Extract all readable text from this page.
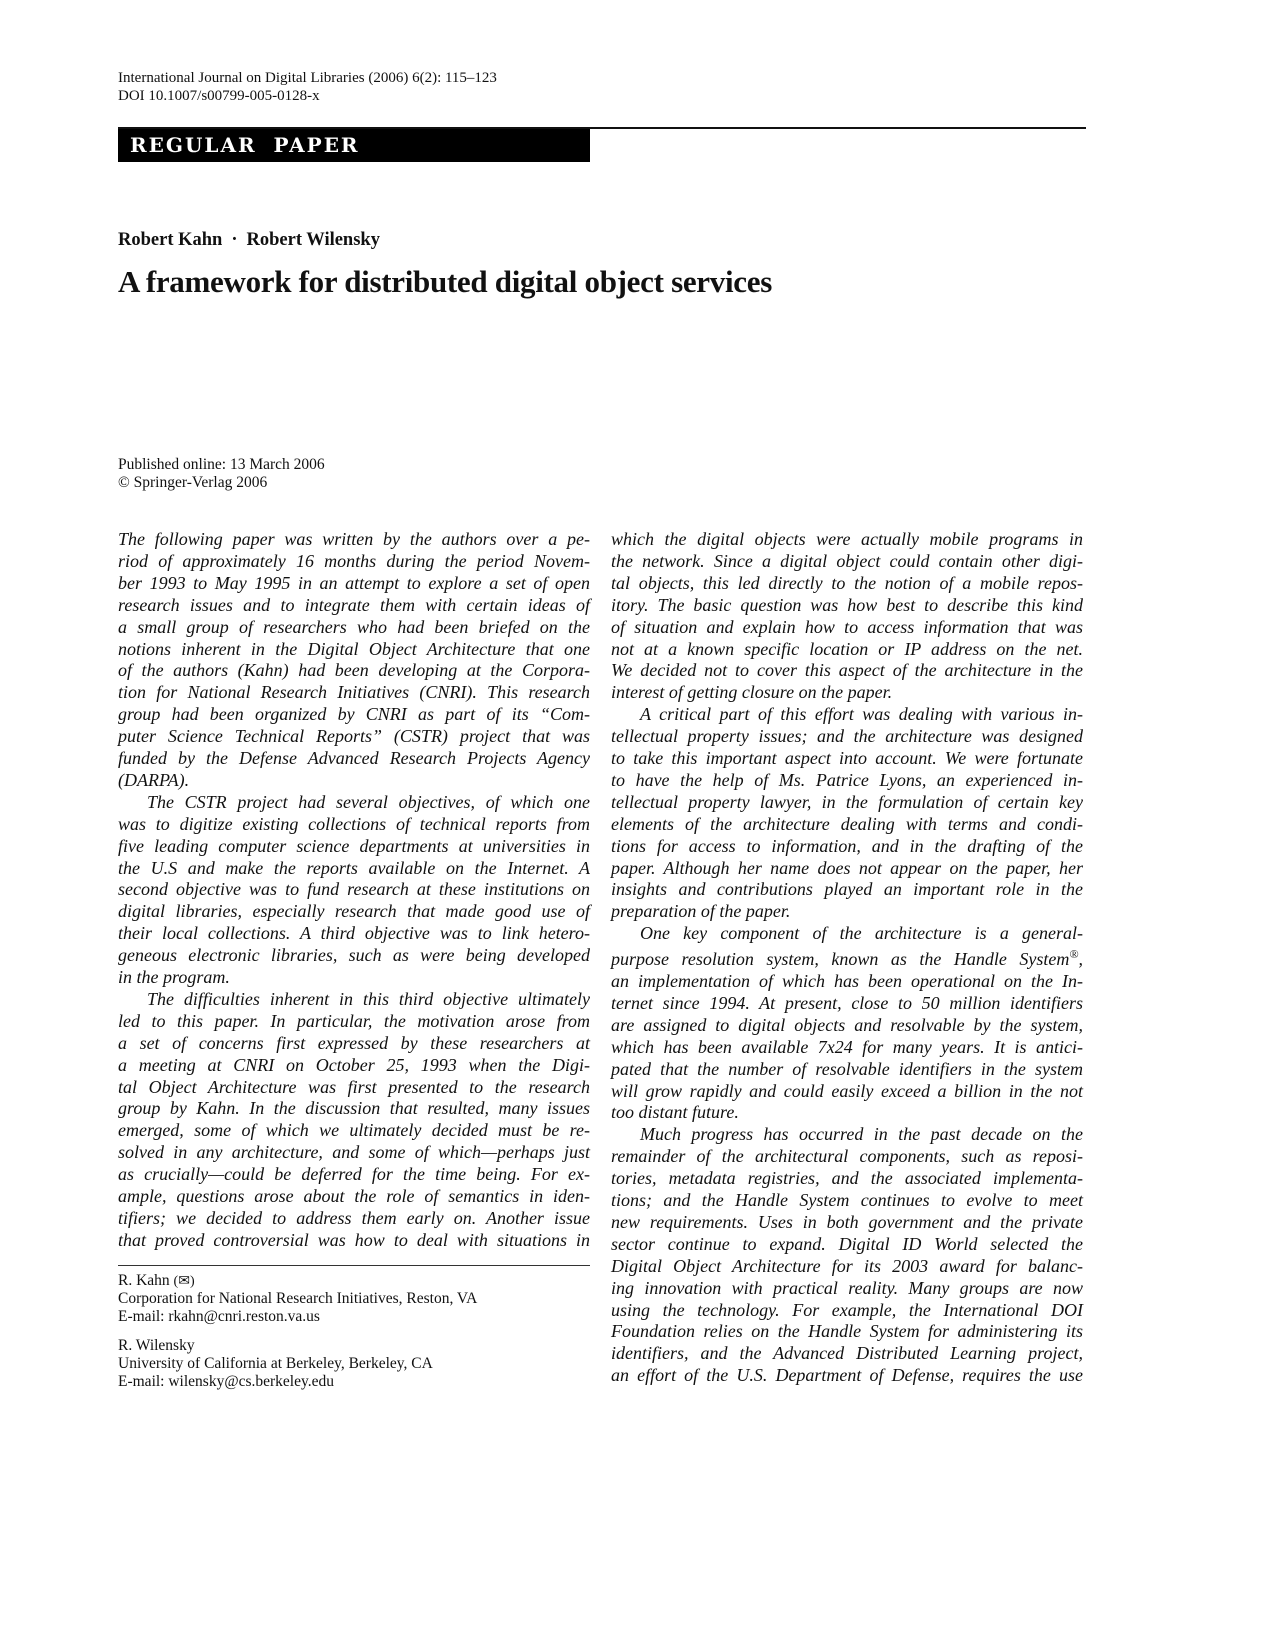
International Journal on Digital Libraries (2006) 6(2): 115–123
DOI 10.1007/s00799-005-0128-x
REGULAR PAPER
Robert Kahn · Robert Wilensky
A framework for distributed digital object services
Published online: 13 March 2006
© Springer-Verlag 2006
The following paper was written by the authors over a pe-
riod of approximately 16 months during the period Novem-
ber 1993 to May 1995 in an attempt to explore a set of open
research issues and to integrate them with certain ideas of
a small group of researchers who had been briefed on the
notions inherent in the Digital Object Architecture that one
of the authors (Kahn) had been developing at the Corpora-
tion for National Research Initiatives (CNRI). This research
group had been organized by CNRI as part of its “Com-
puter Science Technical Reports” (CSTR) project that was
funded by the Defense Advanced Research Projects Agency
(DARPA).
The CSTR project had several objectives, of which one
was to digitize existing collections of technical reports from
five leading computer science departments at universities in
the U.S and make the reports available on the Internet. A
second objective was to fund research at these institutions on
digital libraries, especially research that made good use of
their local collections. A third objective was to link hetero-
geneous electronic libraries, such as were being developed
in the program.
The difficulties inherent in this third objective ultimately
led to this paper. In particular, the motivation arose from
a set of concerns first expressed by these researchers at
a meeting at CNRI on October 25, 1993 when the Digi-
tal Object Architecture was first presented to the research
group by Kahn. In the discussion that resulted, many issues
emerged, some of which we ultimately decided must be re-
solved in any architecture, and some of which—perhaps just
as crucially—could be deferred for the time being. For ex-
ample, questions arose about the role of semantics in iden-
tifiers; we decided to address them early on. Another issue
that proved controversial was how to deal with situations in
which the digital objects were actually mobile programs in
the network. Since a digital object could contain other digi-
tal objects, this led directly to the notion of a mobile repos-
itory. The basic question was how best to describe this kind
of situation and explain how to access information that was
not at a known specific location or IP address on the net.
We decided not to cover this aspect of the architecture in the
interest of getting closure on the paper.
A critical part of this effort was dealing with various in-
tellectual property issues; and the architecture was designed
to take this important aspect into account. We were fortunate
to have the help of Ms. Patrice Lyons, an experienced in-
tellectual property lawyer, in the formulation of certain key
elements of the architecture dealing with terms and condi-
tions for access to information, and in the drafting of the
paper. Although her name does not appear on the paper, her
insights and contributions played an important role in the
preparation of the paper.
One key component of the architecture is a general-
purpose resolution system, known as the Handle System®,
an implementation of which has been operational on the In-
ternet since 1994. At present, close to 50 million identifiers
are assigned to digital objects and resolvable by the system,
which has been available 7x24 for many years. It is antici-
pated that the number of resolvable identifiers in the system
will grow rapidly and could easily exceed a billion in the not
too distant future.
Much progress has occurred in the past decade on the
remainder of the architectural components, such as reposi-
tories, metadata registries, and the associated implementa-
tions; and the Handle System continues to evolve to meet
new requirements. Uses in both government and the private
sector continue to expand. Digital ID World selected the
Digital Object Architecture for its 2003 award for balanc-
ing innovation with practical reality. Many groups are now
using the technology. For example, the International DOI
Foundation relies on the Handle System for administering its
identifiers, and the Advanced Distributed Learning project,
an effort of the U.S. Department of Defense, requires the use
R. Kahn (✉)
Corporation for National Research Initiatives, Reston, VA
E-mail: rkahn@cnri.reston.va.us
R. Wilensky
University of California at Berkeley, Berkeley, CA
E-mail: wilensky@cs.berkeley.edu
